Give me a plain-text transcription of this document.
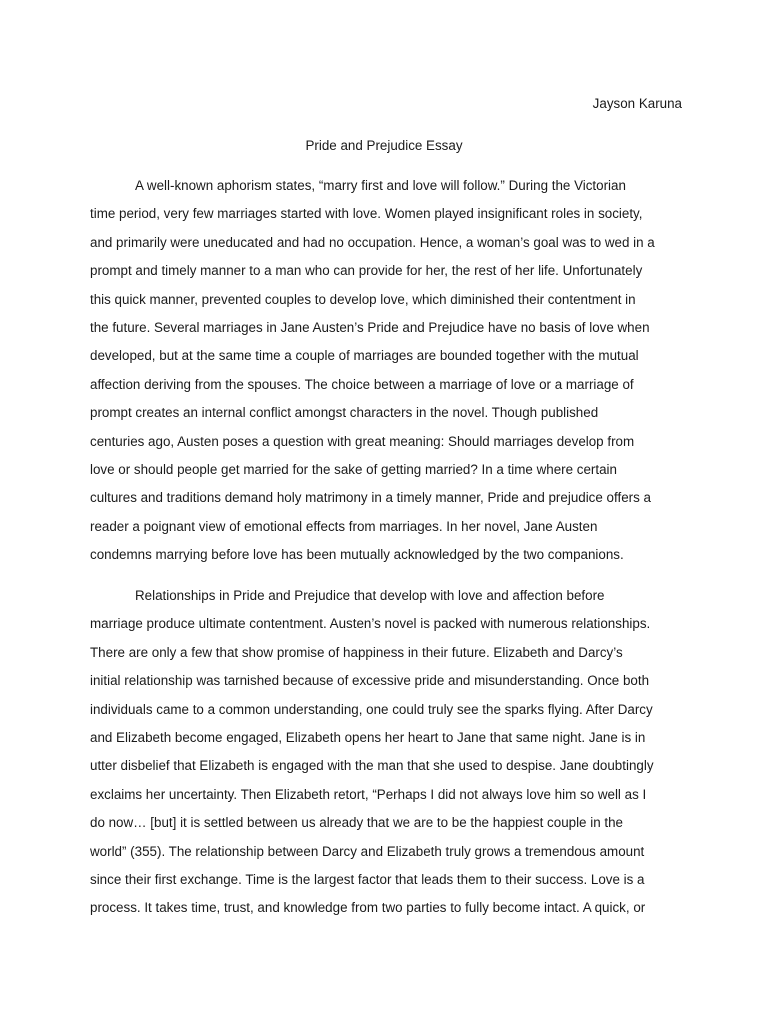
Jayson Karuna
Pride and Prejudice Essay
A well-known aphorism states, “marry first and love will follow.” During the Victorian
time period, very few marriages started with love. Women played insignificant roles in society,
and primarily were uneducated and had no occupation. Hence, a woman’s goal was to wed in a
prompt and timely manner to a man who can provide for her, the rest of her life. Unfortunately
this quick manner, prevented couples to develop love, which diminished their contentment in
the future. Several marriages in Jane Austen’s Pride and Prejudice have no basis of love when
developed, but at the same time a couple of marriages are bounded together with the mutual
affection deriving from the spouses. The choice between a marriage of love or a marriage of
prompt creates an internal conflict amongst characters in the novel. Though published
centuries ago, Austen poses a question with great meaning: Should marriages develop from
love or should people get married for the sake of getting married? In a time where certain
cultures and traditions demand holy matrimony in a timely manner, Pride and prejudice offers a
reader a poignant view of emotional effects from marriages. In her novel, Jane Austen
condemns marrying before love has been mutually acknowledged by the two companions.
Relationships in Pride and Prejudice that develop with love and affection before
marriage produce ultimate contentment. Austen’s novel is packed with numerous relationships.
There are only a few that show promise of happiness in their future. Elizabeth and Darcy’s
initial relationship was tarnished because of excessive pride and misunderstanding. Once both
individuals came to a common understanding, one could truly see the sparks flying. After Darcy
and Elizabeth become engaged, Elizabeth opens her heart to Jane that same night. Jane is in
utter disbelief that Elizabeth is engaged with the man that she used to despise. Jane doubtingly
exclaims her uncertainty. Then Elizabeth retort, “Perhaps I did not always love him so well as I
do now… [but] it is settled between us already that we are to be the happiest couple in the
world” (355). The relationship between Darcy and Elizabeth truly grows a tremendous amount
since their first exchange. Time is the largest factor that leads them to their success. Love is a
process. It takes time, trust, and knowledge from two parties to fully become intact. A quick, or
